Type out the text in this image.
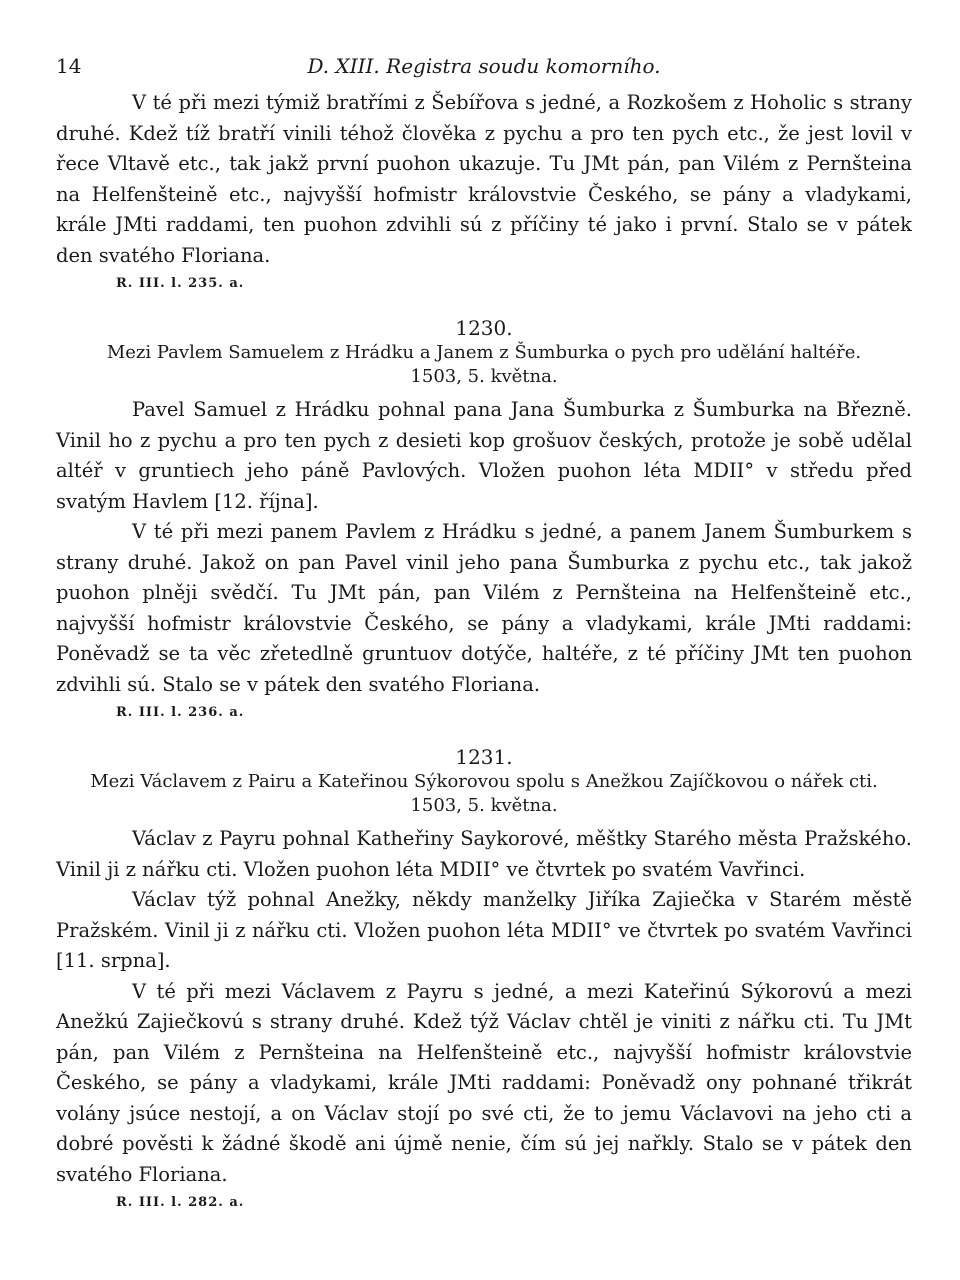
14	D. XIII. Registra soudu komorního.

V té při mezi týmiž bratřími z Šebířova s jedné, a Rozkošem z Hoholic s strany druhé. Kdež tíž bratří vinili téhož člověka z pychu a pro ten pych etc., že jest lovil v řece Vltavě etc., tak jakž první puohon ukazuje. Tu JMt pán, pan Vilém z Pernšteina na Helfenšteině etc., najvyšší hofmistr královstvie Českého, se pány a vladykami, krále JMti raddami, ten puohon zdvihli sú z příčiny té jako i první. Stalo se v pátek den svatého Floriana.

R. III. l. 235. a.

1230.

Mezi Pavlem Samuelem z Hrádku a Janem z Šumburka o pych pro udělání haltéře.

1503, 5. května.

Pavel Samuel z Hrádku pohnal pana Jana Šumburka z Šumburka na Březně. Vinil ho z pychu a pro ten pych z desieti kop grošuov českých, protože je sobě udělal altéř v gruntiech jeho páně Pavlových. Vložen puohon léta MDII° v středu před svatým Havlem [12. října].

V té při mezi panem Pavlem z Hrádku s jedné, a panem Janem Šumburkem s strany druhé. Jakož on pan Pavel vinil jeho pana Šumburka z pychu etc., tak jakož puohon plněji svědčí. Tu JMt pán, pan Vilém z Pernšteina na Helfenšteině etc., najvyšší hofmistr královstvie Českého, se pány a vladykami, krále JMti raddami: Poněvadž se ta věc zřetedlně gruntuov dotýče, haltéře, z té příčiny JMt ten puohon zdvihli sú. Stalo se v pátek den svatého Floriana.

R. III. l. 236. a.

1231.

Mezi Václavem z Pairu a Kateřinou Sýkorovou spolu s Anežkou Zajíčkovou o nářek cti.

1503, 5. května.

Václav z Payru pohnal Katheřiny Saykorové, měštky Starého města Pražského. Vinil ji z nářku cti. Vložen puohon léta MDII° ve čtvrtek po svatém Vavřinci.

Václav týž pohnal Anežky, někdy manželky Jiříka Zajiečka v Starém městě Pražském. Vinil ji z nářku cti. Vložen puohon léta MDII° ve čtvrtek po svatém Vavřinci [11. srpna].

V té při mezi Václavem z Payru s jedné, a mezi Kateřinú Sýkorovú a mezi Anežkú Zajiečkovú s strany druhé. Kdež týž Václav chtěl je viniti z nářku cti. Tu JMt pán, pan Vilém z Pernšteina na Helfenšteině etc., najvyšší hofmistr královstvie Českého, se pány a vladykami, krále JMti raddami: Poněvadž ony pohnané třikrát volány jsúce nestojí, a on Václav stojí po své cti, že to jemu Václavovi na jeho cti a dobré pověsti k žádné škodě ani újmě nenie, čím sú jej nařkly. Stalo se v pátek den svatého Floriana.

R. III. l. 282. a.
